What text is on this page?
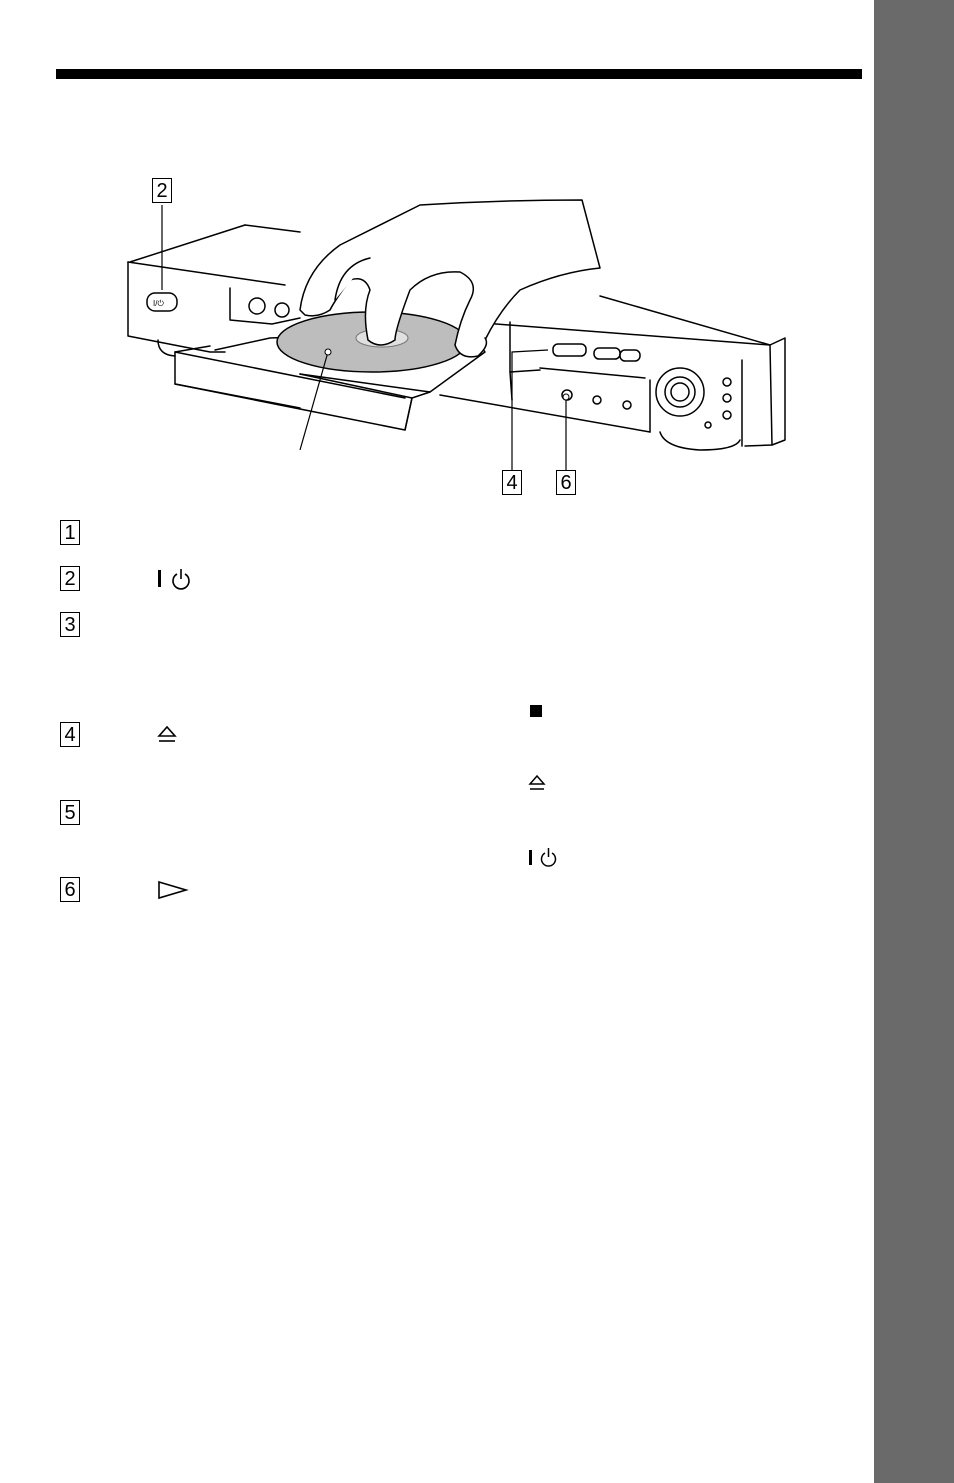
I/⏻
2
4 6
1
2
3
4
5
6
